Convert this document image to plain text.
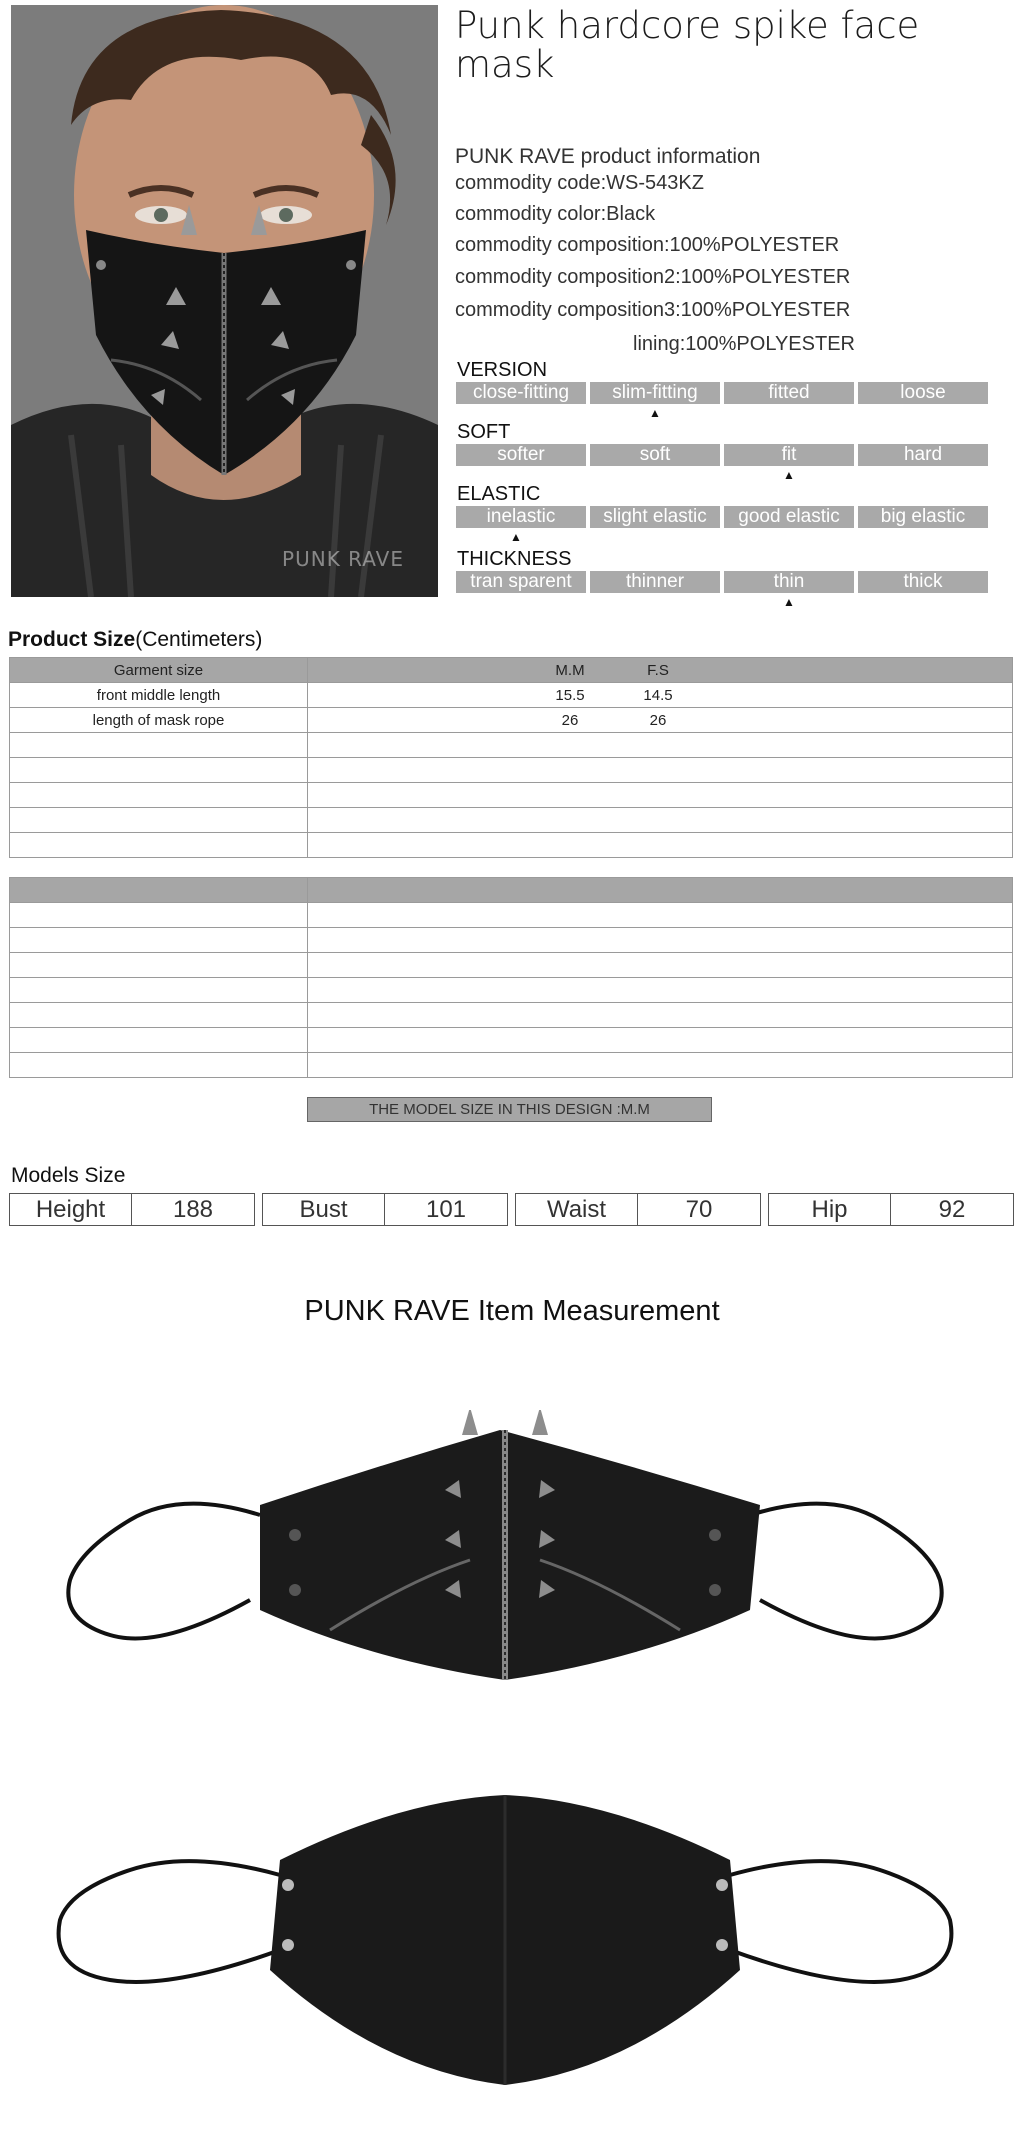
PUNK RAVE
Punk hardcore spike face mask
PUNK RAVE product information
commodity code:WS-543KZ
commodity color:Black
commodity composition:100%POLYESTER
commodity composition2:100%POLYESTER
commodity composition3:100%POLYESTER
lining:100%POLYESTER
VERSION
close-fitting	slim-fitting	fitted	loose
▲
SOFT
softer	soft	fit	hard
▲
ELASTIC
inelastic	slight elastic	good elastic	big elastic
▲
THICKNESS
tran sparent	thinner	thin	thick
▲
Product Size(Centimeters)
Garment size	M.M F.S

front middle length	15.5 14.5

length of mask rope	26 26

THE MODEL SIZE IN THIS DESIGN :M.M
Models Size
Height	188	Bust	101	Waist	70	Hip	92
PUNK RAVE Item Measurement
